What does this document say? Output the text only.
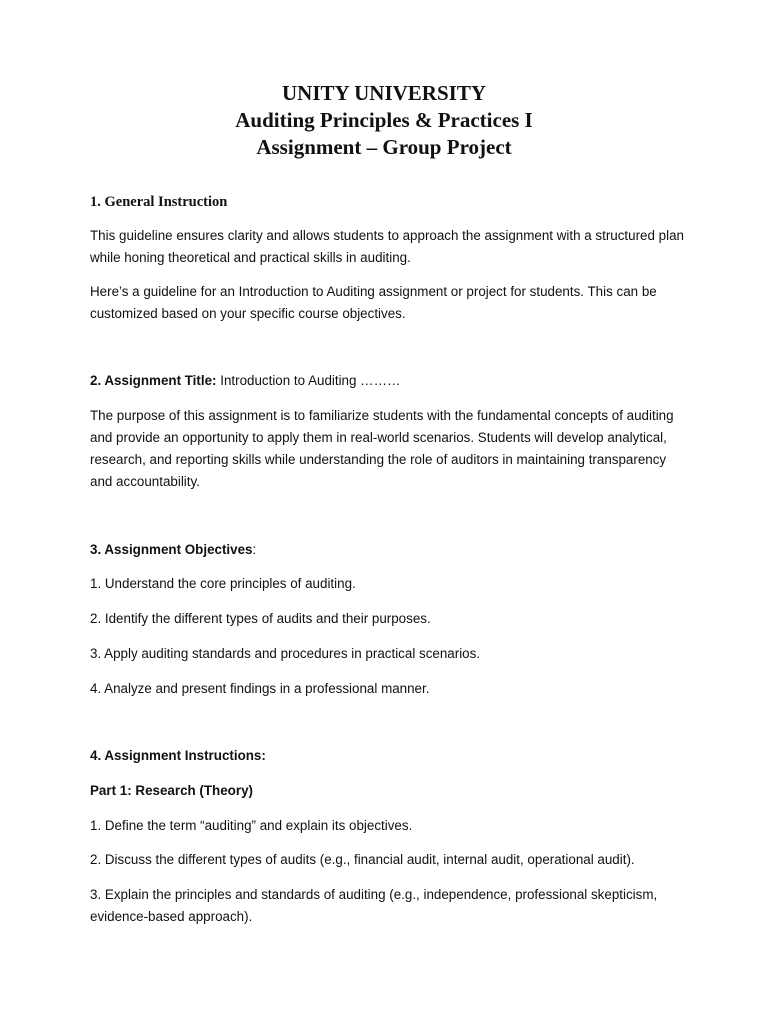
UNITY UNIVERSITY

Auditing Principles & Practices I

Assignment – Group Project

1. General Instruction

This guideline ensures clarity and allows students to approach the assignment with a structured plan while honing theoretical and practical skills in auditing.

Here’s a guideline for an Introduction to Auditing assignment or project for students. This can be customized based on your specific course objectives.

2. Assignment Title: Introduction to Auditing ………

The purpose of this assignment is to familiarize students with the fundamental concepts of auditing and provide an opportunity to apply them in real-world scenarios. Students will develop analytical, research, and reporting skills while understanding the role of auditors in maintaining transparency and accountability.

3. Assignment Objectives:

1. Understand the core principles of auditing.

2. Identify the different types of audits and their purposes.

3. Apply auditing standards and procedures in practical scenarios.

4. Analyze and present findings in a professional manner.

4. Assignment Instructions:

Part 1: Research (Theory)

1. Define the term “auditing” and explain its objectives.

2. Discuss the different types of audits (e.g., financial audit, internal audit, operational audit).

3. Explain the principles and standards of auditing (e.g., independence, professional skepticism, evidence-based approach).
